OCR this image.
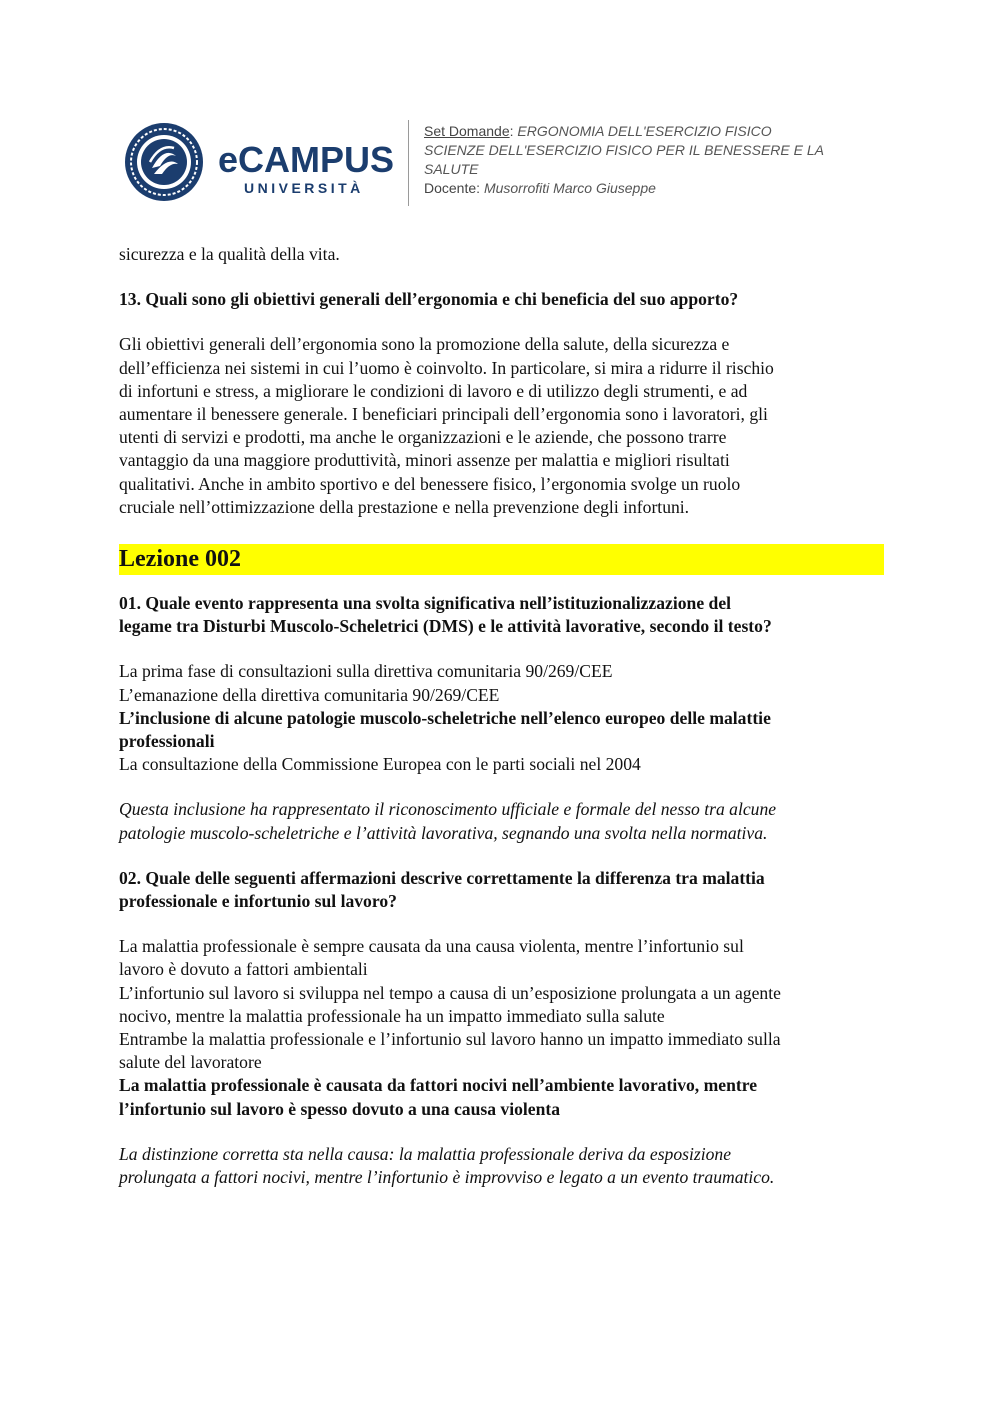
eCAMPUS
UNIVERSITÀ
Set Domande: ERGONOMIA DELL'ESERCIZIO FISICO
SCIENZE DELL'ESERCIZIO FISICO PER IL BENESSERE E LA
SALUTE
Docente: Musorrofiti Marco Giuseppe

sicurezza e la qualità della vita.

13. Quali sono gli obiettivi generali dell’ergonomia e chi beneficia del suo apporto?

Gli obiettivi generali dell’ergonomia sono la promozione della salute, della sicurezza e

dell’efficienza nei sistemi in cui l’uomo è coinvolto. In particolare, si mira a ridurre il rischio

di infortuni e stress, a migliorare le condizioni di lavoro e di utilizzo degli strumenti, e ad

aumentare il benessere generale. I beneficiari principali dell’ergonomia sono i lavoratori, gli

utenti di servizi e prodotti, ma anche le organizzazioni e le aziende, che possono trarre

vantaggio da una maggiore produttività, minori assenze per malattia e migliori risultati

qualitativi. Anche in ambito sportivo e del benessere fisico, l’ergonomia svolge un ruolo

cruciale nell’ottimizzazione della prestazione e nella prevenzione degli infortuni.

Lezione 002

01. Quale evento rappresenta una svolta significativa nell’istituzionalizzazione del

legame tra Disturbi Muscolo-Scheletrici (DMS) e le attività lavorative, secondo il testo?

La prima fase di consultazioni sulla direttiva comunitaria 90/269/CEE

L’emanazione della direttiva comunitaria 90/269/CEE

L’inclusione di alcune patologie muscolo-scheletriche nell’elenco europeo delle malattie

professionali

La consultazione della Commissione Europea con le parti sociali nel 2004

Questa inclusione ha rappresentato il riconoscimento ufficiale e formale del nesso tra alcune

patologie muscolo-scheletriche e l’attività lavorativa, segnando una svolta nella normativa.

02. Quale delle seguenti affermazioni descrive correttamente la differenza tra malattia

professionale e infortunio sul lavoro?

La malattia professionale è sempre causata da una causa violenta, mentre l’infortunio sul

lavoro è dovuto a fattori ambientali

L’infortunio sul lavoro si sviluppa nel tempo a causa di un’esposizione prolungata a un agente

nocivo, mentre la malattia professionale ha un impatto immediato sulla salute

Entrambe la malattia professionale e l’infortunio sul lavoro hanno un impatto immediato sulla

salute del lavoratore

La malattia professionale è causata da fattori nocivi nell’ambiente lavorativo, mentre

l’infortunio sul lavoro è spesso dovuto a una causa violenta

La distinzione corretta sta nella causa: la malattia professionale deriva da esposizione

prolungata a fattori nocivi, mentre l’infortunio è improvviso e legato a un evento traumatico.
